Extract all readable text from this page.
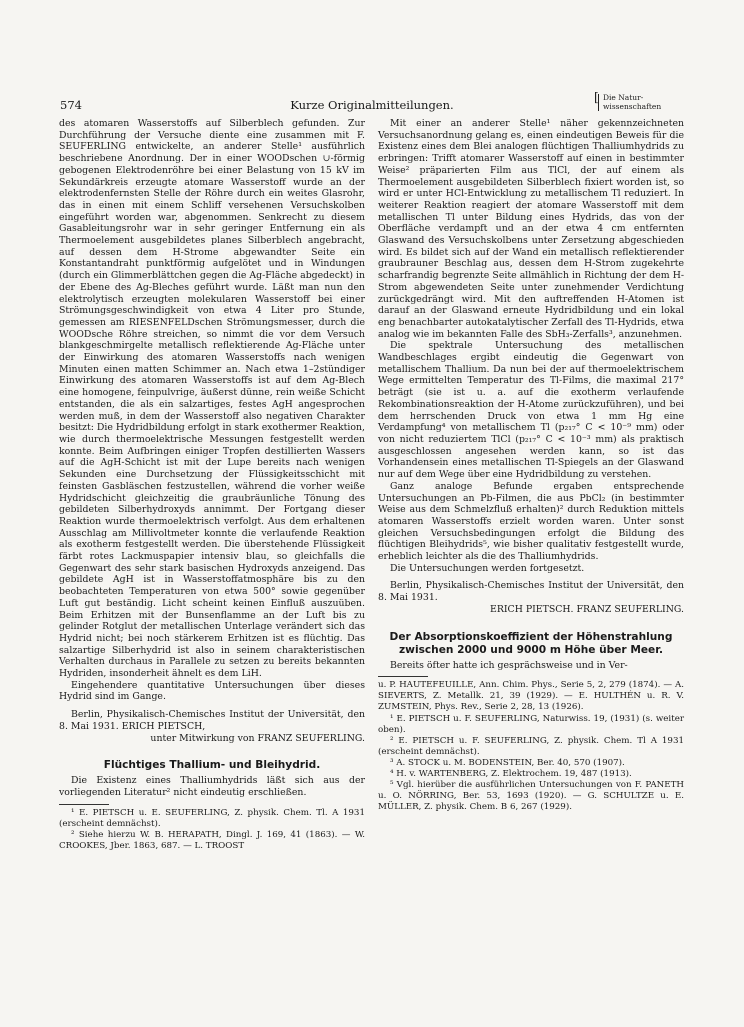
574	Kurze Originalmitteilungen.
[ Die Natur-
wissenschaften

des atomaren Wasserstoffs auf Silberblech gefunden. Zur Durchführung der Versuche diente eine zusammen mit F. SEUFERLING entwickelte, an anderer Stelle¹ ausführlich beschriebene Anordnung. Der in einer WOODschen ∪-förmig gebogenen Elektrodenröhre bei einer Belastung von 15 kV im Sekundärkreis erzeugte atomare Wasserstoff wurde an der elektrodenfernsten Stelle der Röhre durch ein weites Glasrohr, das in einen mit einem Schliff versehenen Versuchskolben eingeführt worden war, abgenommen. Senkrecht zu diesem Gasableitungsrohr war in sehr geringer Entfernung ein als Thermoelement ausgebildetes planes Silberblech angebracht, auf dessen dem H-Strome abgewandter Seite ein Konstantandraht punktförmig aufgelötet und in Windungen (durch ein Glimmerblättchen gegen die Ag-Fläche abgedeckt) in der Ebene des Ag-Bleches geführt wurde. Läßt man nun den elektrolytisch erzeugten molekularen Wasserstoff bei einer Strömungsgeschwindigkeit von etwa 4 Liter pro Stunde, gemessen am RIESENFELDschen Strömungsmesser, durch die WOODsche Röhre streichen, so nimmt die vor dem Versuch blankgeschmirgelte metallisch reflektierende Ag-Fläche unter der Einwirkung des atomaren Wasserstoffs nach wenigen Minuten einen matten Schimmer an. Nach etwa 1–2stündiger Einwirkung des atomaren Wasserstoffs ist auf dem Ag-Blech eine homogene, feinpulvrige, äußerst dünne, rein weiße Schicht entstanden, die als ein salzartiges, festes AgH angesprochen werden muß, in dem der Wasserstoff also negativen Charakter besitzt: Die Hydridbildung erfolgt in stark exothermer Reaktion, wie durch thermoelektrische Messungen festgestellt werden konnte. Beim Aufbringen einiger Tropfen destillierten Wassers auf die AgH-Schicht ist mit der Lupe bereits nach wenigen Sekunden eine Durchsetzung der Flüssigkeitsschicht mit feinsten Gasbläschen festzustellen, während die vorher weiße Hydridschicht gleichzeitig die graubräunliche Tönung des gebildeten Silberhydroxyds annimmt. Der Fortgang dieser Reaktion wurde thermoelektrisch verfolgt. Aus dem erhaltenen Ausschlag am Millivoltmeter konnte die verlaufende Reaktion als exotherm festgestellt werden. Die überstehende Flüssigkeit färbt rotes Lackmuspapier intensiv blau, so gleichfalls die Gegenwart des sehr stark basischen Hydroxyds anzeigend. Das gebildete AgH ist in Wasserstoffatmosphäre bis zu den beobachteten Temperaturen von etwa 500° sowie gegenüber Luft gut beständig. Licht scheint keinen Einfluß auszuüben. Beim Erhitzen mit der Bunsenflamme an der Luft bis zu gelinder Rotglut der metallischen Unterlage verändert sich das Hydrid nicht; bei noch stärkerem Erhitzen ist es flüchtig. Das salzartige Silberhydrid ist also in seinem charakteristischen Verhalten durchaus in Parallele zu setzen zu bereits bekannten Hydriden, insonderheit ähnelt es dem LiH.

Eingehendere quantitative Untersuchungen über dieses Hydrid sind im Gange.

Berlin, Physikalisch-Chemisches Institut der Universität, den 8. Mai 1931. ERICH PIETSCH,

unter Mitwirkung von FRANZ SEUFERLING.

Flüchtiges Thallium- und Bleihydrid.

Die Existenz eines Thalliumhydrids läßt sich aus der vorliegenden Literatur² nicht eindeutig erschließen.

¹ E. PIETSCH u. E. SEUFERLING, Z. physik. Chem. Tl. A 1931 (erscheint demnächst).

² Siehe hierzu W. B. HERAPATH, Dingl. J. 169, 41 (1863). — W. CROOKES, Jber. 1863, 687. — L. TROOST

Mit einer an anderer Stelle¹ näher gekennzeichneten Versuchsanordnung gelang es, einen eindeutigen Beweis für die Existenz eines dem Blei analogen flüchtigen Thalliumhydrids zu erbringen: Trifft atomarer Wasserstoff auf einen in bestimmter Weise² präparierten Film aus TlCl, der auf einem als Thermoelement ausgebildeten Silberblech fixiert worden ist, so wird er unter HCl-Entwicklung zu metallischem Tl reduziert. In weiterer Reaktion reagiert der atomare Wasserstoff mit dem metallischen Tl unter Bildung eines Hydrids, das von der Oberfläche verdampft und an der etwa 4 cm entfernten Glaswand des Versuchskolbens unter Zersetzung abgeschieden wird. Es bildet sich auf der Wand ein metallisch reflektierender graubrauner Beschlag aus, dessen dem H-Strom zugekehrte scharfrandig begrenzte Seite allmählich in Richtung der dem H-Strom abgewendeten Seite unter zunehmender Verdichtung zurückgedrängt wird. Mit den auftreffenden H-Atomen ist darauf an der Glaswand erneute Hydridbildung und ein lokal eng benachbarter autokatalytischer Zerfall des Tl-Hydrids, etwa analog wie im bekannten Falle des SbH₃-Zerfalls³, anzunehmen.

Die spektrale Untersuchung des metallischen Wandbeschlages ergibt eindeutig die Gegenwart von metallischem Thallium. Da nun bei der auf thermoelektrischem Wege ermittelten Temperatur des Tl-Films, die maximal 217° beträgt (sie ist u. a. auf die exotherm verlaufende Rekombinationsreaktion der H-Atome zurückzuführen), und bei dem herrschenden Druck von etwa 1 mm Hg eine Verdampfung⁴ von metallischem Tl (p₂₁₇° C < 10⁻⁹ mm) oder von nicht reduziertem TlCl (p₂₁₇° C < 10⁻³ mm) als praktisch ausgeschlossen angesehen werden kann, so ist das Vorhandensein eines metallischen Tl-Spiegels an der Glaswand nur auf dem Wege über eine Hydridbildung zu verstehen.

Ganz analoge Befunde ergaben entsprechende Untersuchungen an Pb-Filmen, die aus PbCl₂ (in bestimmter Weise aus dem Schmelzfluß erhalten)² durch Reduktion mittels atomaren Wasserstoffs erzielt worden waren. Unter sonst gleichen Versuchsbedingungen erfolgt die Bildung des flüchtigen Bleihydrids⁵, wie bisher qualitativ festgestellt wurde, erheblich leichter als die des Thalliumhydrids.

Die Untersuchungen werden fortgesetzt.

Berlin, Physikalisch-Chemisches Institut der Universität, den 8. Mai 1931.

ERICH PIETSCH. FRANZ SEUFERLING.

Der Absorptionskoeffizient der Höhenstrahlung zwischen 2000 und 9000 m Höhe über Meer.

Bereits öfter hatte ich gesprächsweise und in Ver-

u. P. HAUTEFEUILLE, Ann. Chim. Phys., Serie 5, 2, 279 (1874). — A. SIEVERTS, Z. Metallk. 21, 39 (1929). — E. HULTHÉN u. R. V. ZUMSTEIN, Phys. Rev., Serie 2, 28, 13 (1926).

¹ E. PIETSCH u. F. SEUFERLING, Naturwiss. 19, (1931) (s. weiter oben).

² E. PIETSCH u. F. SEUFERLING, Z. physik. Chem. Tl A 1931 (erscheint demnächst).

³ A. STOCK u. M. BODENSTEIN, Ber. 40, 570 (1907).

⁴ H. v. WARTENBERG, Z. Elektrochem. 19, 487 (1913).

⁵ Vgl. hierüber die ausführlichen Untersuchungen von F. PANETH u. O. NÖRRING, Ber. 53, 1693 (1920). — G. SCHULTZE u. E. MÜLLER, Z. physik. Chem. B 6, 267 (1929).
